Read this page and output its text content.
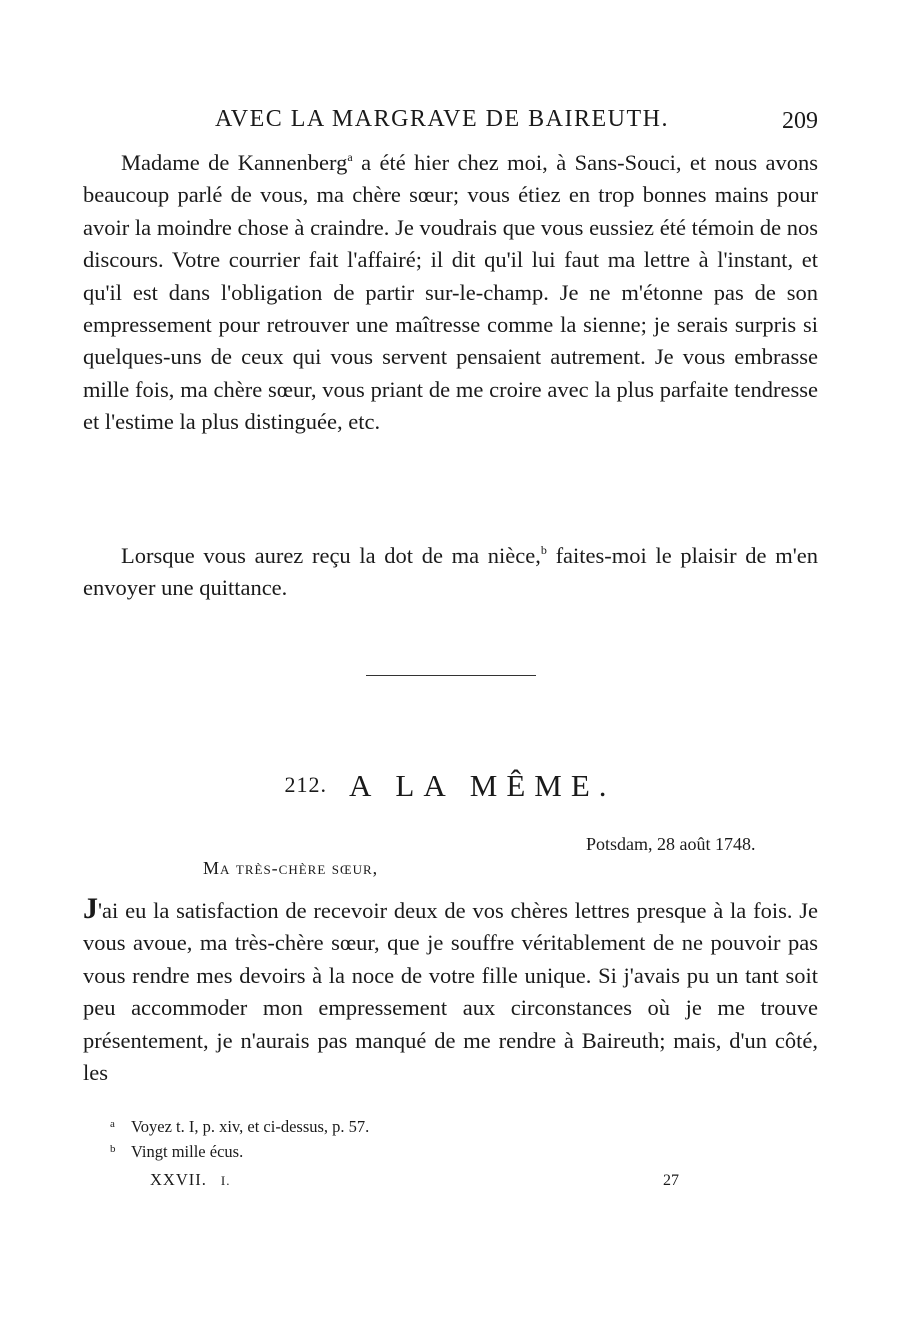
AVEC LA MARGRAVE DE BAIREUTH.	209

Madame de Kannenberg$^a$ a été hier chez moi, à Sans-Souci, et nous avons beaucoup parlé de vous, ma chère sœur; vous étiez en trop bonnes mains pour avoir la moindre chose à craindre. Je voudrais que vous eussiez été témoin de nos discours. Votre courrier fait l'affairé; il dit qu'il lui faut ma lettre à l'instant, et qu'il est dans l'obligation de partir sur-le-champ. Je ne m'étonne pas de son empressement pour retrouver une maîtresse comme la sienne; je serais surpris si quelques-uns de ceux qui vous servent pensaient autrement. Je vous embrasse mille fois, ma chère sœur, vous priant de me croire avec la plus parfaite tendresse et l'estime la plus distinguée, etc.

Lorsque vous aurez reçu la dot de ma nièce,$^b$ faites-moi le plaisir de m'en envoyer une quittance.

212. A LA MÊME.
Potsdam, 28 août 1748.
Ma très-chère sœur,

J'ai eu la satisfaction de recevoir deux de vos chères lettres presque à la fois. Je vous avoue, ma très-chère sœur, que je souffre véritablement de ne pouvoir pas vous rendre mes devoirs à la noce de votre fille unique. Si j'avais pu un tant soit peu accommoder mon empressement aux circonstances où je me trouve présentement, je n'aurais pas manqué de me rendre à Baireuth; mais, d'un côté, les

a Voyez t. I, p. xiv, et ci-dessus, p. 57.
b Vingt mille écus.
XXVII. I.	27
